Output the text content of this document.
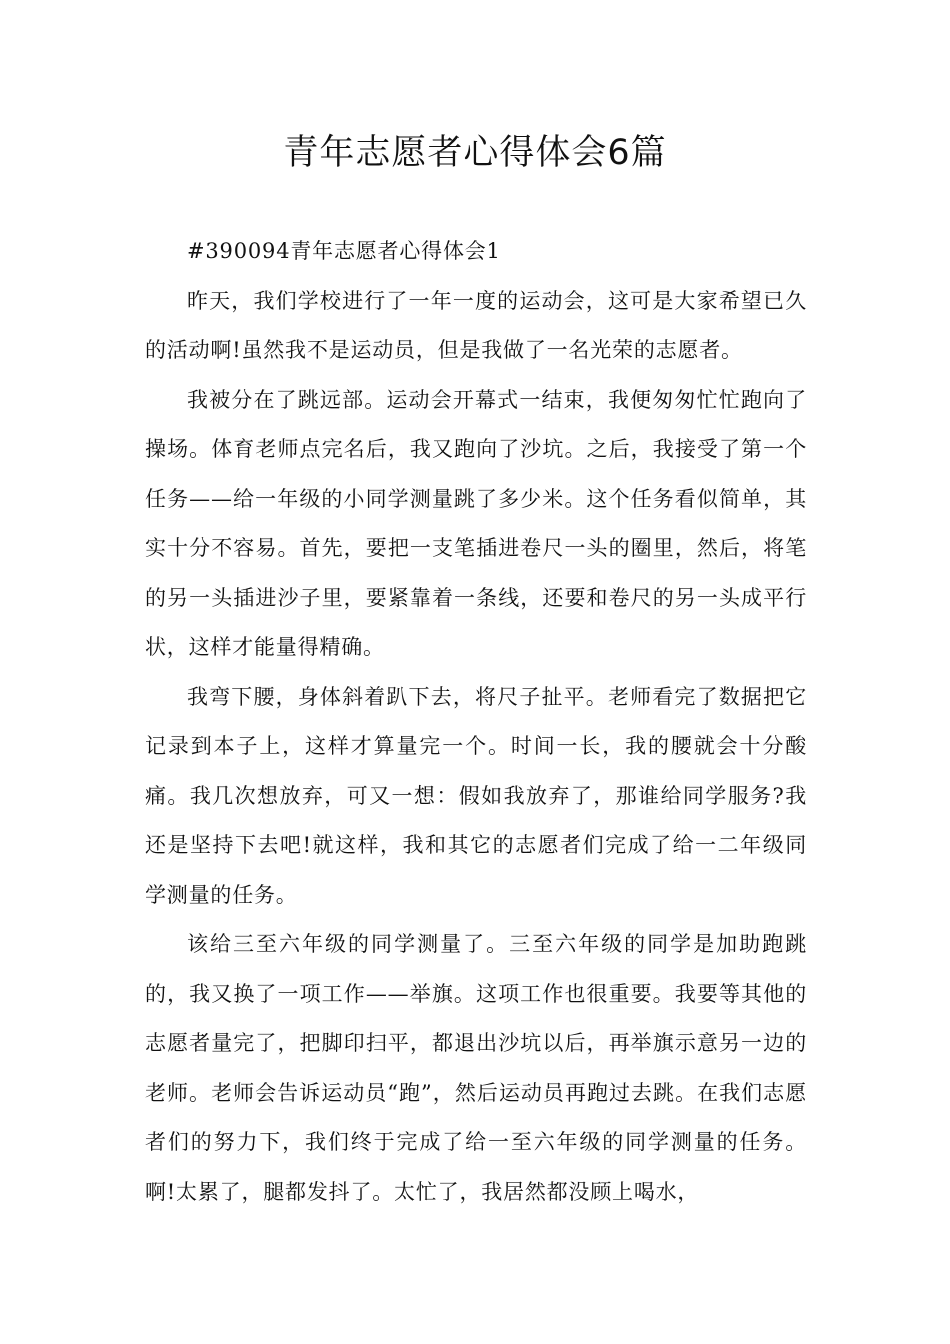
青年志愿者心得体会6篇

#390094青年志愿者心得体会1

昨天，我们学校进行了一年一度的运动会，这可是大家希望已久的活动啊!虽然我不是运动员，但是我做了一名光荣的志愿者。

我被分在了跳远部。运动会开幕式一结束，我便匆匆忙忙跑向了操场。体育老师点完名后，我又跑向了沙坑。之后，我接受了第一个任务——给一年级的小同学测量跳了多少米。这个任务看似简单，其实十分不容易。首先，要把一支笔插进卷尺一头的圈里，然后，将笔的另一头插进沙子里，要紧靠着一条线，还要和卷尺的另一头成平行状，这样才能量得精确。

我弯下腰，身体斜着趴下去，将尺子扯平。老师看完了数据把它记录到本子上，这样才算量完一个。时间一长，我的腰就会十分酸痛。我几次想放弃，可又一想：假如我放弃了，那谁给同学服务?我还是坚持下去吧!就这样，我和其它的志愿者们完成了给一二年级同学测量的任务。

该给三至六年级的同学测量了。三至六年级的同学是加助跑跳的，我又换了一项工作——举旗。这项工作也很重要。我要等其他的志愿者量完了，把脚印扫平，都退出沙坑以后，再举旗示意另一边的老师。老师会告诉运动员“跑”，然后运动员再跑过去跳。在我们志愿者们的努力下，我们终于完成了给一至六年级的同学测量的任务。啊!太累了，腿都发抖了。太忙了，我居然都没顾上喝水，
